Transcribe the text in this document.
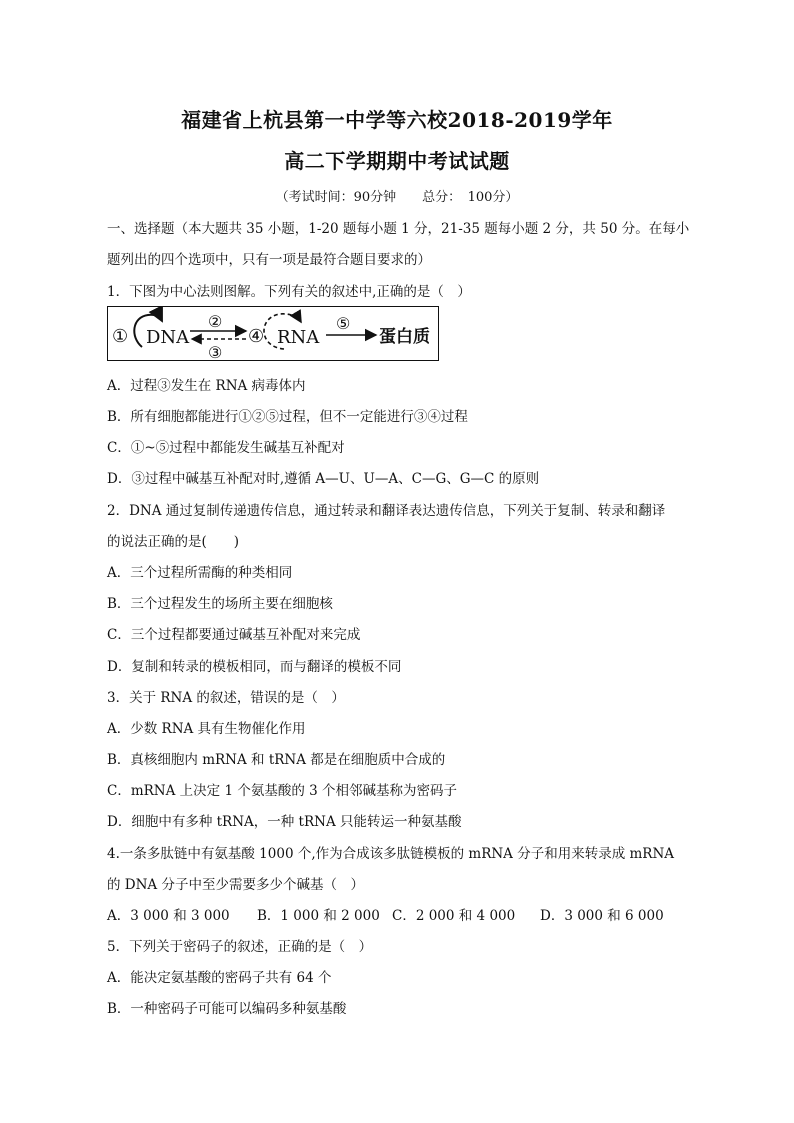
福建省上杭县第一中学等六校2018-2019学年
高二下学期期中考试试题
（考试时间：90分钟　　总分：　100分）
一、选择题（本大题共 35 小题，1-20 题每小题 1 分，21-35 题每小题 2 分，共 50 分。在每小
题列出的四个选项中，只有一项是最符合题目要求的）
1．下图为中心法则图解。下列有关的叙述中,正确的是（　）
① DNA
②
③
④ RNA
⑤
蛋白质
A．过程③发生在 RNA 病毒体内
B．所有细胞都能进行①②⑤过程，但不一定能进行③④过程
C．①~⑤过程中都能发生碱基互补配对
D．③过程中碱基互补配对时,遵循 A—U、U—A、C—G、G—C 的原则
2．DNA 通过复制传递遗传信息，通过转录和翻译表达遗传信息，下列关于复制、转录和翻译
的说法正确的是(　　)
A．三个过程所需酶的种类相同
B．三个过程发生的场所主要在细胞核
C．三个过程都要通过碱基互补配对来完成
D．复制和转录的模板相同，而与翻译的模板不同
3．关于 RNA 的叙述，错误的是（　）
A．少数 RNA 具有生物催化作用
B．真核细胞内 mRNA 和 tRNA 都是在细胞质中合成的
C．mRNA 上决定 1 个氨基酸的 3 个相邻碱基称为密码子
D．细胞中有多种 tRNA，一种 tRNA 只能转运一种氨基酸
4.一条多肽链中有氨基酸 1000 个,作为合成该多肽链模板的 mRNA 分子和用来转录成 mRNA
的 DNA 分子中至少需要多少个碱基（　）
A．3 000 和 3 000 B．1 000 和 2 000 C．2 000 和 4 000 D．3 000 和 6 000
5．下列关于密码子的叙述，正确的是（　）
A．能决定氨基酸的密码子共有 64 个
B．一种密码子可能可以编码多种氨基酸
